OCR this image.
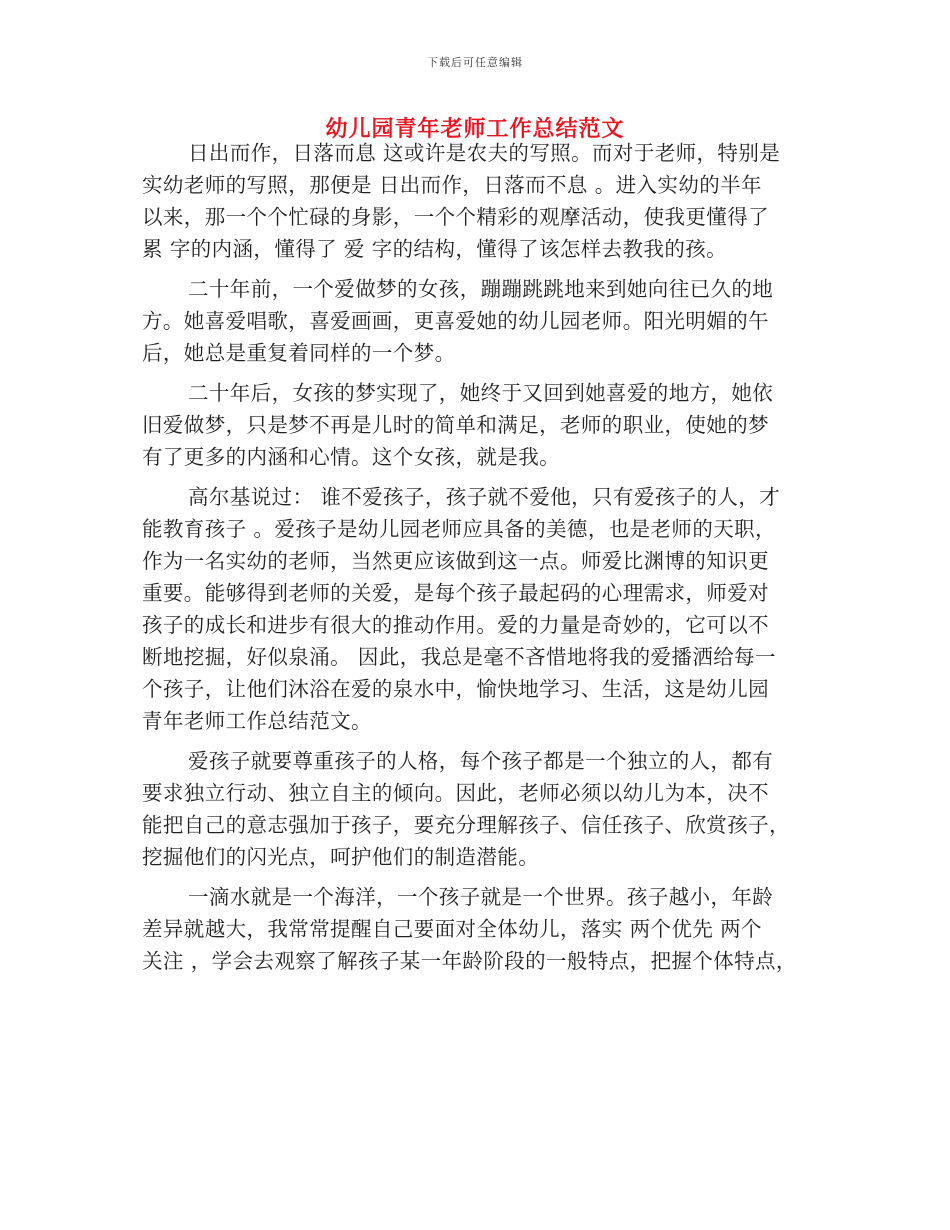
下载后可任意编辑
幼儿园青年老师工作总结范文

日出而作，日落而息 这或许是农夫的写照。而对于老师，特别是
实幼老师的写照，那便是 日出而作，日落而不息 。进入实幼的半年
以来，那一个个忙碌的身影，一个个精彩的观摩活动，使我更懂得了
累 字的内涵，懂得了 爱 字的结构，懂得了该怎样去教我的孩。

二十年前，一个爱做梦的女孩，蹦蹦跳跳地来到她向往已久的地
方。她喜爱唱歌，喜爱画画，更喜爱她的幼儿园老师。阳光明媚的午
后，她总是重复着同样的一个梦。

二十年后，女孩的梦实现了，她终于又回到她喜爱的地方，她依
旧爱做梦，只是梦不再是儿时的简单和满足，老师的职业，使她的梦
有了更多的内涵和心情。这个女孩，就是我。

高尔基说过： 谁不爱孩子，孩子就不爱他，只有爱孩子的人，才
能教育孩子 。爱孩子是幼儿园老师应具备的美德，也是老师的天职，
作为一名实幼的老师，当然更应该做到这一点。师爱比渊博的知识更
重要。能够得到老师的关爱，是每个孩子最起码的心理需求，师爱对
孩子的成长和进步有很大的推动作用。爱的力量是奇妙的，它可以不
断地挖掘，好似泉涌。 因此，我总是毫不吝惜地将我的爱播洒给每一
个孩子，让他们沐浴在爱的泉水中，愉快地学习、生活，这是幼儿园
青年老师工作总结范文。

爱孩子就要尊重孩子的人格，每个孩子都是一个独立的人，都有
要求独立行动、独立自主的倾向。因此，老师必须以幼儿为本，决不
能把自己的意志强加于孩子，要充分理解孩子、信任孩子、欣赏孩子，
挖掘他们的闪光点，呵护他们的制造潜能。

一滴水就是一个海洋，一个孩子就是一个世界。孩子越小，年龄
差异就越大，我常常提醒自己要面对全体幼儿，落实 两个优先 两个
关注 ，学会去观察了解孩子某一年龄阶段的一般特点，把握个体特点，
